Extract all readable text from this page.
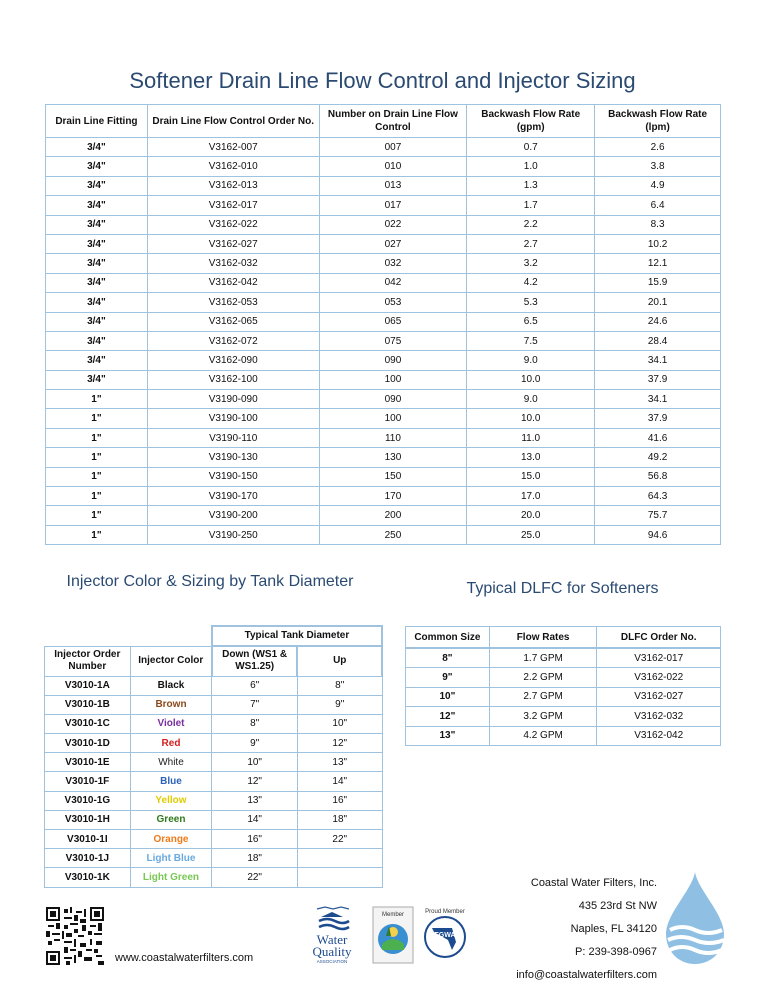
Softener Drain Line Flow Control and Injector Sizing
Drain Line Fitting	Drain Line Flow Control Order No.	Number on Drain Line Flow Control	Backwash Flow Rate (gpm)	Backwash Flow Rate (lpm)
3/4"	V3162-007	007	0.7	2.6
3/4"	V3162-010	010	1.0	3.8
3/4"	V3162-013	013	1.3	4.9
3/4"	V3162-017	017	1.7	6.4
3/4"	V3162-022	022	2.2	8.3
3/4"	V3162-027	027	2.7	10.2
3/4"	V3162-032	032	3.2	12.1
3/4"	V3162-042	042	4.2	15.9
3/4"	V3162-053	053	5.3	20.1
3/4"	V3162-065	065	6.5	24.6
3/4"	V3162-072	075	7.5	28.4
3/4"	V3162-090	090	9.0	34.1
3/4"	V3162-100	100	10.0	37.9
1"	V3190-090	090	9.0	34.1
1"	V3190-100	100	10.0	37.9
1"	V3190-110	110	11.0	41.6
1"	V3190-130	130	13.0	49.2
1"	V3190-150	150	15.0	56.8
1"	V3190-170	170	17.0	64.3
1"	V3190-200	200	20.0	75.7
1"	V3190-250	250	25.0	94.6
Injector Color & Sizing by Tank Diameter	Typical DLFC for Softeners
		Typical Tank Diameter	
Injector Order Number	Injector Color	Down (WS1 & WS1.25)	Up
V3010-1A	Black	6"	8"
V3010-1B	Brown	7"	9"
V3010-1C	Violet	8"	10"
V3010-1D	Red	9"	12"
V3010-1E	White	10"	13"
V3010-1F	Blue	12"	14"
V3010-1G	Yellow	13"	16"
V3010-1H	Green	14"	18"
V3010-1I	Orange	16"	22"
V3010-1J	Light Blue	18"	
V3010-1K	Light Green	22"	
Common Size	Flow Rates	DLFC Order No.
8"	1.7 GPM	V3162-017
9"	2.2 GPM	V3162-022
10"	2.7 GPM	V3162-027
12"	3.2 GPM	V3162-032
13"	4.2 GPM	V3162-042
www.coastalwaterfilters.com
Water
Quality
ASSOCIATION
Member	Proud Member
FGWA
Coastal Water Filters, Inc.
435 23rd St NW
Naples, FL 34120
P: 239-398-0967
info@coastalwaterfilters.com
